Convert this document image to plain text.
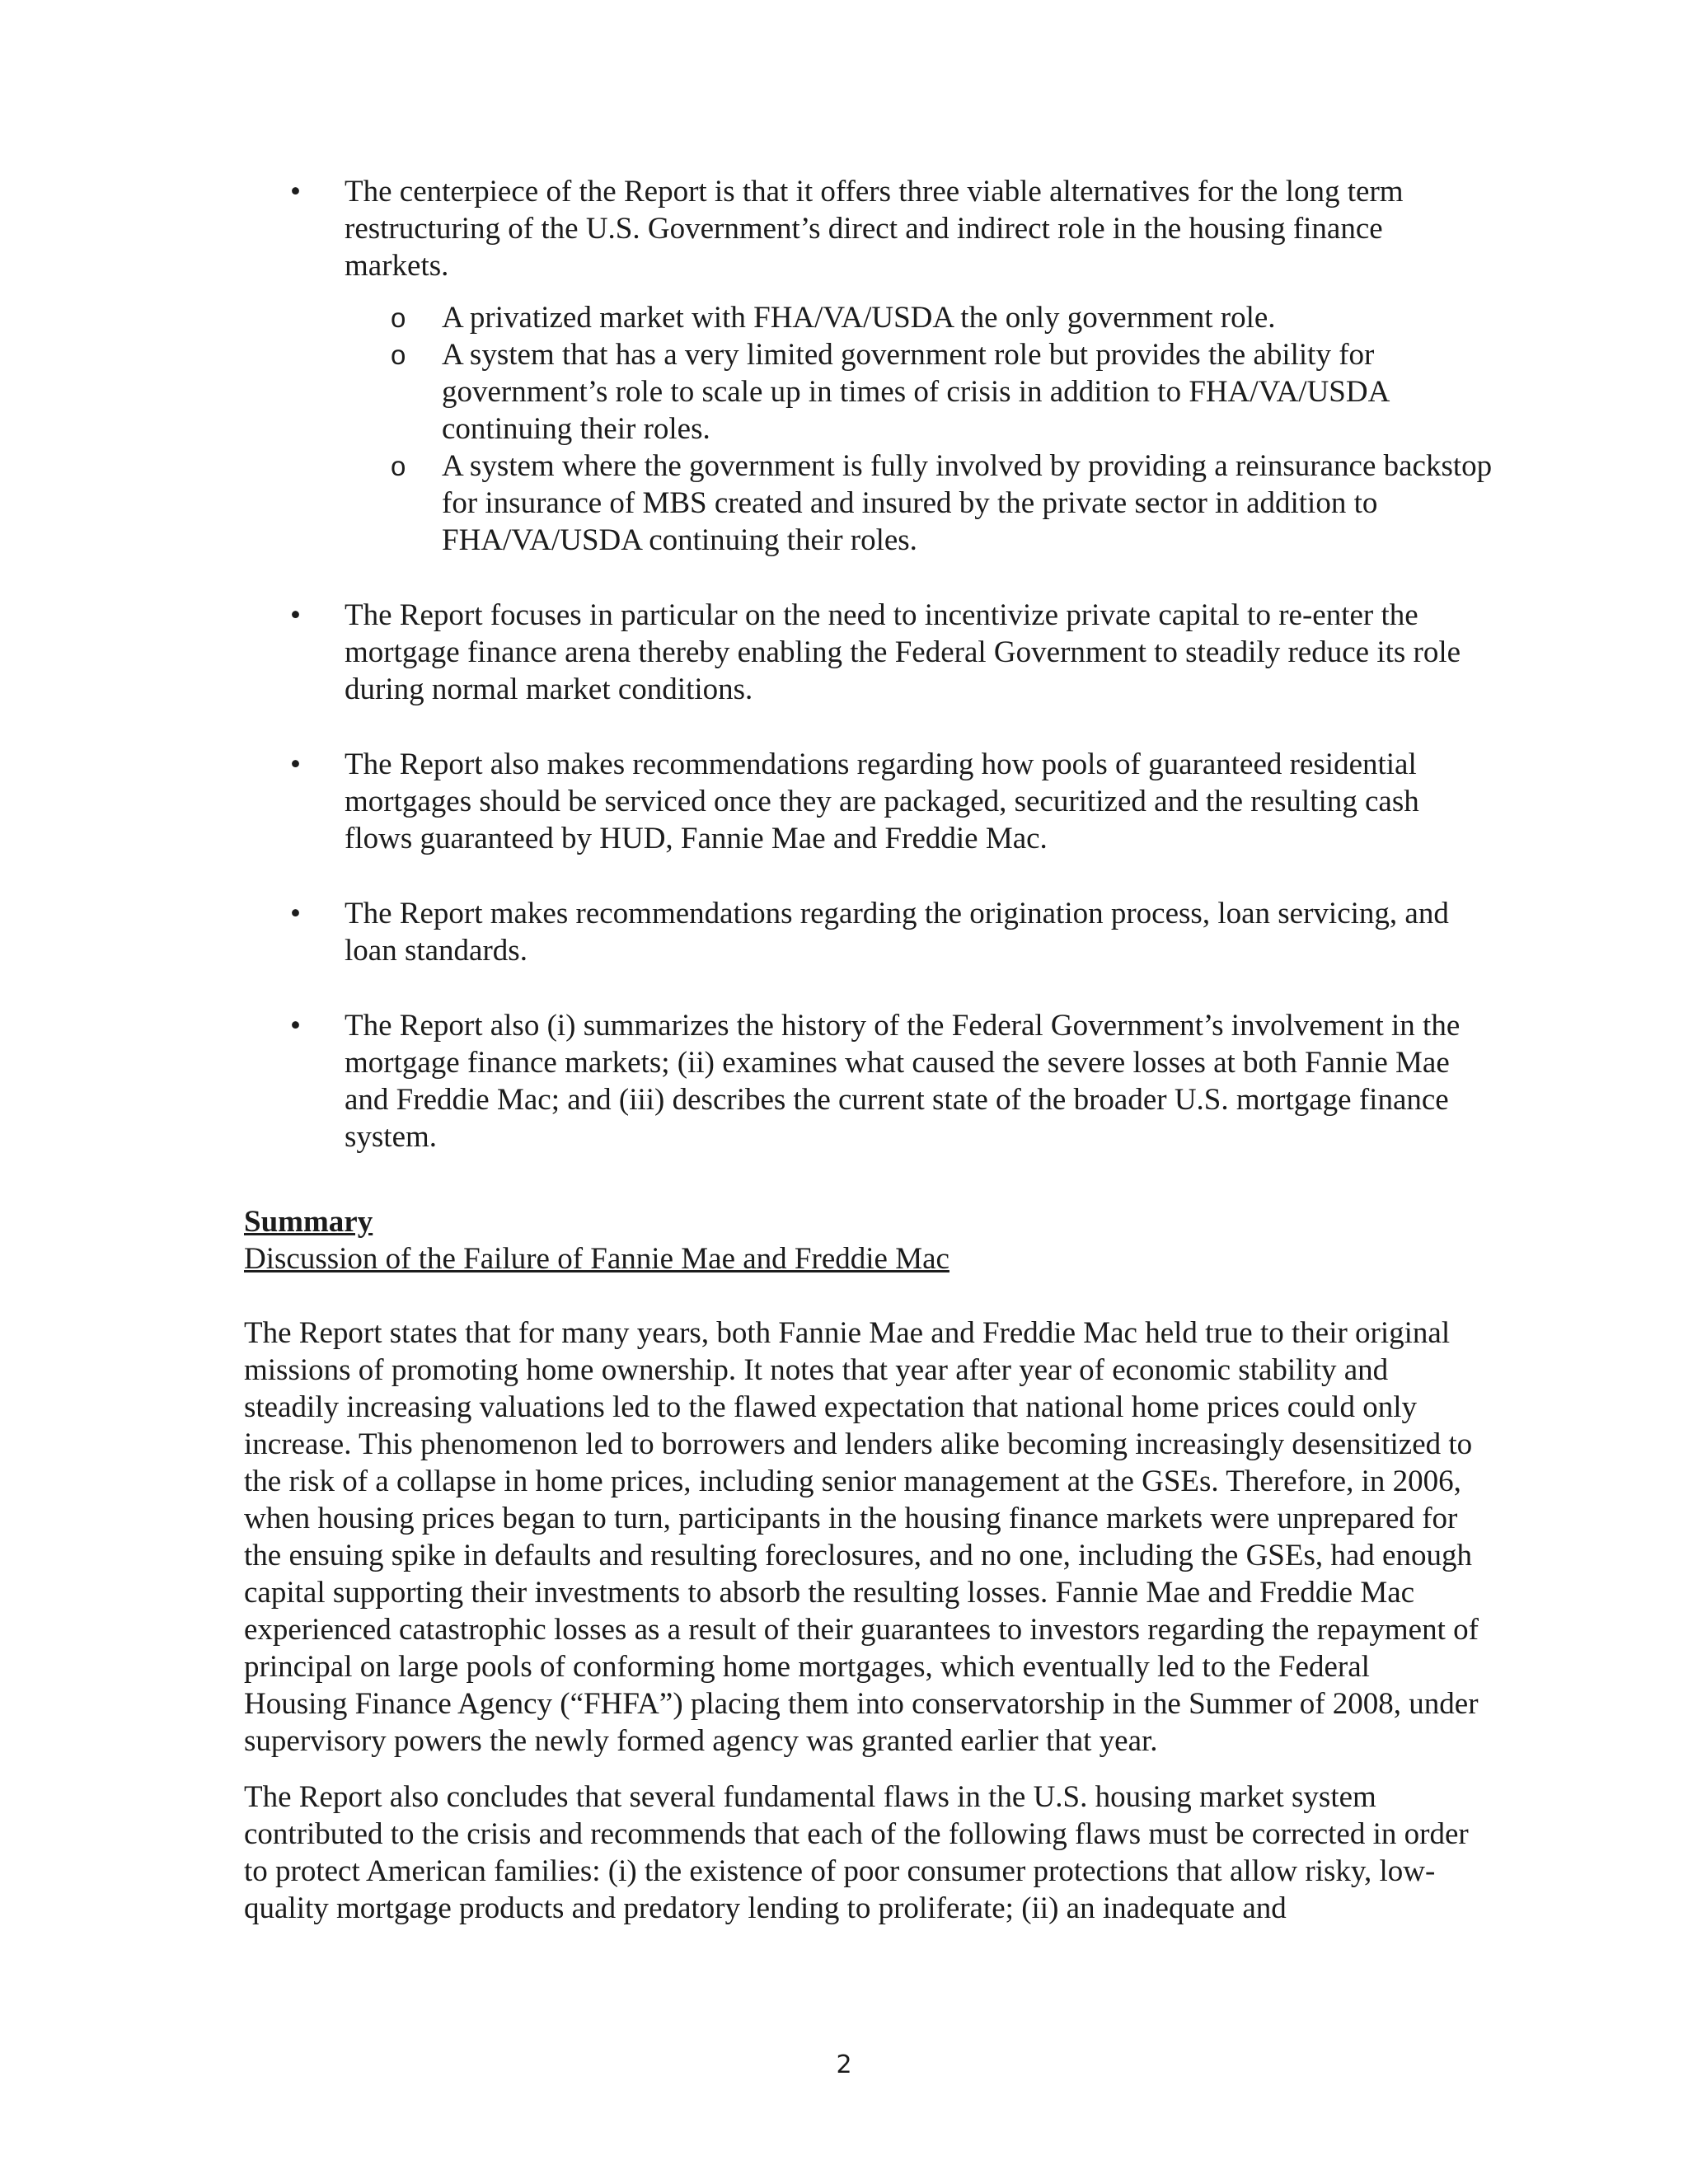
• The centerpiece of the Report is that it offers three viable alternatives for the long term restructuring of the U.S. Government’s direct and indirect role in the housing finance markets.
o A privatized market with FHA/VA/USDA the only government role.
o A system that has a very limited government role but provides the ability for government’s role to scale up in times of crisis in addition to FHA/VA/USDA continuing their roles.
o A system where the government is fully involved by providing a reinsurance backstop for insurance of MBS created and insured by the private sector in addition to FHA/VA/USDA continuing their roles.
• The Report focuses in particular on the need to incentivize private capital to re-enter the mortgage finance arena thereby enabling the Federal Government to steadily reduce its role during normal market conditions.
• The Report also makes recommendations regarding how pools of guaranteed residential mortgages should be serviced once they are packaged, securitized and the resulting cash flows guaranteed by HUD, Fannie Mae and Freddie Mac.
• The Report makes recommendations regarding the origination process, loan servicing, and loan standards.
• The Report also (i) summarizes the history of the Federal Government’s involvement in the mortgage finance markets; (ii) examines what caused the severe losses at both Fannie Mae and Freddie Mac; and (iii) describes the current state of the broader U.S. mortgage finance system.
Summary
Discussion of the Failure of Fannie Mae and Freddie Mac

The Report states that for many years, both Fannie Mae and Freddie Mac held true to their original missions of promoting home ownership. It notes that year after year of economic stability and steadily increasing valuations led to the flawed expectation that national home prices could only increase. This phenomenon led to borrowers and lenders alike becoming increasingly desensitized to the risk of a collapse in home prices, including senior management at the GSEs. Therefore, in 2006, when housing prices began to turn, participants in the housing finance markets were unprepared for the ensuing spike in defaults and resulting foreclosures, and no one, including the GSEs, had enough capital supporting their investments to absorb the resulting losses. Fannie Mae and Freddie Mac experienced catastrophic losses as a result of their guarantees to investors regarding the repayment of principal on large pools of conforming home mortgages, which eventually led to the Federal Housing Finance Agency (“FHFA”) placing them into conservatorship in the Summer of 2008, under supervisory powers the newly formed agency was granted earlier that year.

The Report also concludes that several fundamental flaws in the U.S. housing market system contributed to the crisis and recommends that each of the following flaws must be corrected in order to protect American families: (i) the existence of poor consumer protections that allow risky, low-quality mortgage products and predatory lending to proliferate; (ii) an inadequate and

2
